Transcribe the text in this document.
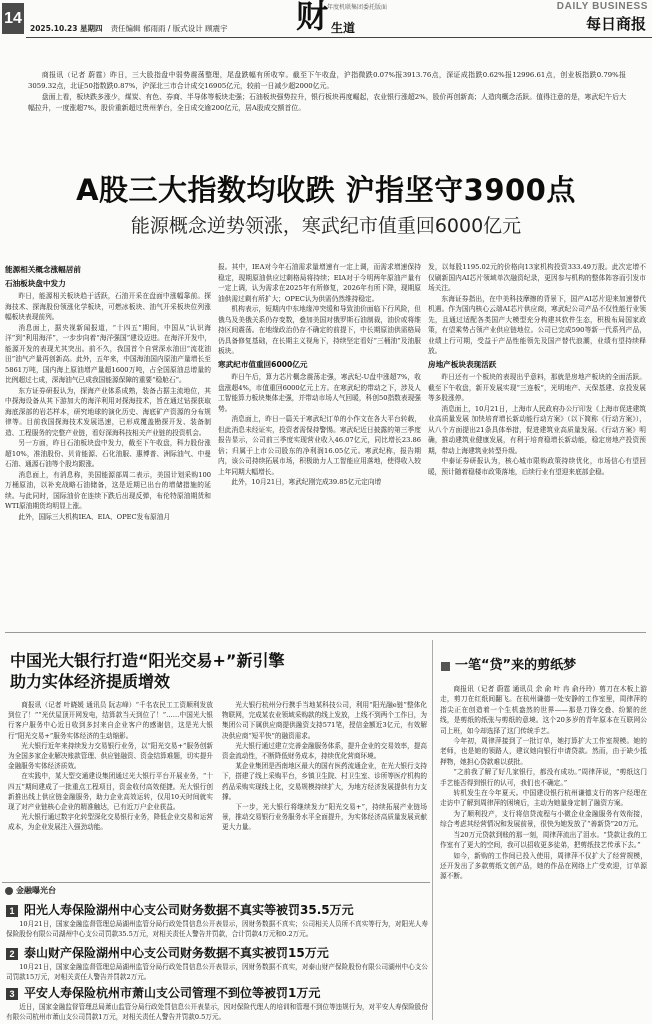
14
2025.10.23 星期四 责任编辑 郁雨雨 / 版式设计 顾震宇
年度机联集团委托版面
财 生道
DAILY BUSINESS
每日商报

商报讯（记者 蔚霆）昨日，三大股指盘中弱势震荡整理，尾盘跌幅有所收窄。截至下午收盘，沪指微跌0.07%报3913.76点，深证成指跌0.62%报12996.61点，创业板指跌0.79%报3059.32点，北证50指数跌0.87%，沪深北三市合计成交16905亿元，较前一日减少超2000亿元。

盘面上看，板块跌多涨少，煤炭、有色、券商、半导体等板块走强；石油板块强势拉升，银行板块再度崛起，农业银行涨超2%，股价再创新高；人造肉概念活跃。值得注意的是，寒武纪午后大幅拉升，一度涨超7%，股价重新超过贵州茅台，全日成交逾200亿元，居A股成交额首位。

A股三大指数均收跌 沪指坚守3900点
能源概念逆势领涨，寒武纪市值重回6000亿元
能源相关概念涨幅居前
石油板块盘中发力

昨日，能源相关板块趋于活跃，石油开采在盘面中涨幅靠前。探海技术、探海股份领涨化学板块，可燃冰板块、油气开采板块位列涨幅板块表现前列。

消息面上，据央视新闻报道，“十四五”期间，中国从“认识海洋”到“利用海洋”，一步步向着“海洋强国”建设迈进。在海洋开发中，能源开发的表现尤其突出。前不久，我国首个自营深水油田“流花油田”油气产量再创新高。此外，五年来，中国海油国内原油产量增长至5861万吨，国内海上原油增产量超1600万吨，占全国原油总增量的比例超过七成，深海油气已成我国能源保障的重要“稳舱石”。

东方证券研报认为，探海产业体系成熟，装备占据主流地位，其中探海设备从其下游加大的海洋利用对探海技术，旨在通过钻探获取海底深部的岩芯样本，研究地球的演化历史、海底矿产资源的分布规律等。目前我国探海技术发展迅速，已形成覆盖勘探开发、装备制造、工程服务的完整产业链，看好深海科技相关产业链的投资机会。

另一方面，昨日石油板块盘中发力，截至下午收盘，科力股份涨超10%，准油股份、贝肯能源、石化油服、惠博普、洲际油气、中曼石油、通源石油等个股均跟涨。

消息面上，有消息称，美国能源部周二表示，美国计划采购100万桶原油，以补充战略石油储备，这是近期已出台的增储措施的延续。与此同时，国际油价在连续下跌后出现反弹，布伦特原油期货和WTI原油期货均明显上涨。

此外，国际三大机构IEA、EIA、OPEC发布原油月

报。其中，IEA对今年石油需求量增速有一定上调，而需求增速保持稳定，现期原油供应过剩格局将持续；EIA对于今明两年原油产量有一定上调，认为需求在2025年有所修复，2026年有所下降，现期原油供需过剩有所扩大；OPEC认为供需仍然维持稳定。

机构表示，短期内中东地缘冲突缓和导致油价面临下行风险，但俄乌及美俄关系仍存变数，叠加美国对俄罗斯石油制裁，油价或将维持区间震荡。在地缘政治仍存不确定的前提下，中长期原油供需格局仍具备修复基础，在长期主义视角下，持续坚定看好“三桶油”及油服板块。

寒武纪市值重回6000亿元

昨日午后，算力芯片概念震荡走强，寒武纪-U盘中涨超7%，收盘涨超4%，市值重回6000亿元上方。在寒武纪的带动之下，涉及人工智能算力板块集体走强，并带动市场人气回暖，科创50指数表现强势。

消息面上，昨日一篇关于寒武纪订单的小作文在各大平台转载，但此消息未经证实，投资者需保持警惕。寒武纪近日披露的第三季度报告显示，公司前三季度实现营业收入46.07亿元，同比增长23.86倍；归属于上市公司股东的净利润16.05亿元。寒武纪称，报告期内，该公司持续拓展市场，积极助力人工智能应用落地，使得收入较上年同期大幅增长。

此外，10月21日，寒武纪刚完成39.85亿元定向增

发，以每股1195.02元的价格向13家机构投资333.49万股。此次定增不仅刷新国内AI芯片领域单次融资纪录，更因参与机构的整体阵容而引发市场关注。

东海证券指出，在中美科技摩擦的背景下，国产AI芯片迎来加速替代机遇。作为国内核心云端AI芯片供应商，寒武纪公司产品不仅性能行业领先，且通过适配各类国产大模型充分构建其软件生态，积极布局国家政策，有望乘势占领产业供应链地位。公司已完成590等新一代系列产品，业绩上行可期，受益于产品性能领先及国产替代浪潮，业绩有望持续释放。

房地产板块表现活跃

昨日还有一个板块的表现出乎意料，那就是房地产板块的全面活跃。截至下午收盘，新开发展实现“三连板”，光明地产、天保基建、京投发展等多股涨停。

消息面上，10月21日，上海市人民政府办公厅印发《上海市促进建筑业高质量发展 加快培育增长新动能行动方案》（以下简称《行动方案》），从八个方面提出21条具体举措，促进建筑业高质量发展。《行动方案》明确，推动建筑业健康发展，有利于培育稳增长新动能，稳定房地产投资预期，带动上海建筑业转型升级。

中泰证券研报认为，核心城市限购政策持续优化，市场信心有望回暖，预计随着稳楼市政策落地，后续行业有望迎来底部企稳。

中国光大银行打造“阳光交易+”新引擎
助力实体经济提质增效

商报讯（记者 叶晓媛 通讯员 阮志峰）“千名农民工工资顺利发放到位了！”“光伏屋顶开网发电，结算款当天到位了！”……中国光大银行客户服务中心近日收到多封来自企业客户的感谢信，这是光大银行“阳光交易+”服务实体经济的生动缩影。

光大银行近年来持续发力交易银行业务，以“阳光交易+”服务创新为全国多家企业解决账款管理、供应链融资、资金结算难题，切实提升金融服务实体经济质效。

在实践中，某大型交通建设集团通过光大银行平台开展业务，“十四五”期间建成了一批重点工程项目，资金收付高效便捷。光大银行创新推出线上供应链金融服务，助力企业高效运转，仅用10天时间就实现了对产业链核心企业的精准触达，已有近万户企业获益。

光大银行通过数字化转型深化交易银行业务，降低企业交易和运营成本，为企业发展注入强劲动能。

光大银行杭州分行携手当地某科技公司，利用“阳光融e链”整体化物联网，完成某农业领域采购款的线上发放，上线不到两个工作日，为集团公司下属供应商提供融资支持571笔，授信金额近3亿元，有效解决供应商“短平快”的融资需求。

光大银行通过建立完善金融服务体系，提升企业的交易效率，提高资金流动性，不断降低财务成本，持续优化营商环境。

某企业集团是西南地区最大的国有医药流通企业，在光大银行支持下，搭建了线上采购平台，乡镇卫生院、村卫生室、诊所等医疗机构的药品采购实现线上化，交易规模持续扩大，为地方经济发展提供有力支撑。

下一步，光大银行将继续发力“阳光交易+”，持续拓展产业链场景，推动交易银行业务服务水平全面提升，为实体经济高质量发展贡献更大力量。

一笔“贷”来的剪纸梦

商报讯（记者 蔚霆 通讯员 余 俞 叶 冉 俞丹玲）剪刀在木板上游走，剪刀在红纸间翻飞。在杭州谦德一处安静的工作室里，周律萍的指尖正在创造着一个生机盎然的世界——那是刀锋交叠、纷繁的丝线，是剪纸的纸张与剪纸的意境。这个20多岁的青年原本在互联网公司上班，如今却选择了这门传统手艺。

今年初，周律萍接到了一批订单，她打算扩大工作室规模。她的老师，也是她的领路人，建议她向银行申请贷款。然而，由于缺少抵押物，她担心贷款难以获批。

“之前我了解了好几家银行，都没有成功。”周律萍说，“剪纸这门手艺能否得到银行的认可，我们也不确定。”

转机发生在今年夏天。中国建设银行杭州谦德支行的客户经理在走访中了解到周律萍的困境后，主动为她量身定制了融资方案。

为了顺利投产，支行将信贷流程与小微企业金融服务有效衔接，综合考虑其经营情况和发展前景，很快为她发放了“善新贷”20万元。

当20万元贷款到账的那一刻，周律萍流出了泪水。“贷款让我的工作室有了更大的空间，我可以招收更多徒弟，把剪纸技艺传承下去。”

如今，新购的工作间已投入使用，周律萍不仅扩大了经营规模，还开发出了多款剪纸文创产品，她的作品在网络上广受欢迎，订单源源不断。

金融曝光台
1 阳光人寿保险湖州中心支公司财务数据不真实等被罚35.5万元
10月21日，国家金融监督管理总局湖州监管分局行政处罚信息公开表显示，因财务数据不真实；公司相关人员所不真实等行为，对阳光人寿保险股份有限公司湖州中心支公司罚款35.5万元，对相关责任人警告并罚款，合计罚款4万元和0.2万元。
2 泰山财产保险湖州中心支公司财务数据不真实被罚15万元
10月21日，国家金融监督管理总局湖州监管分局行政处罚信息公开表显示，因财务数据不真实，对泰山财产保险股份有限公司湖州中心支公司罚款15万元，对相关责任人警告并罚款2万元。
3 平安人寿保险杭州市萧山支公司管理不到位等被罚1万元
近日，国家金融监督管理总局萧山监管分局行政处罚信息公开表显示，因对保险代理人的培训和管理不到位等违规行为，对平安人寿保险股份有限公司杭州市萧山支公司罚款1万元，对相关责任人警告并罚款0.5万元。
